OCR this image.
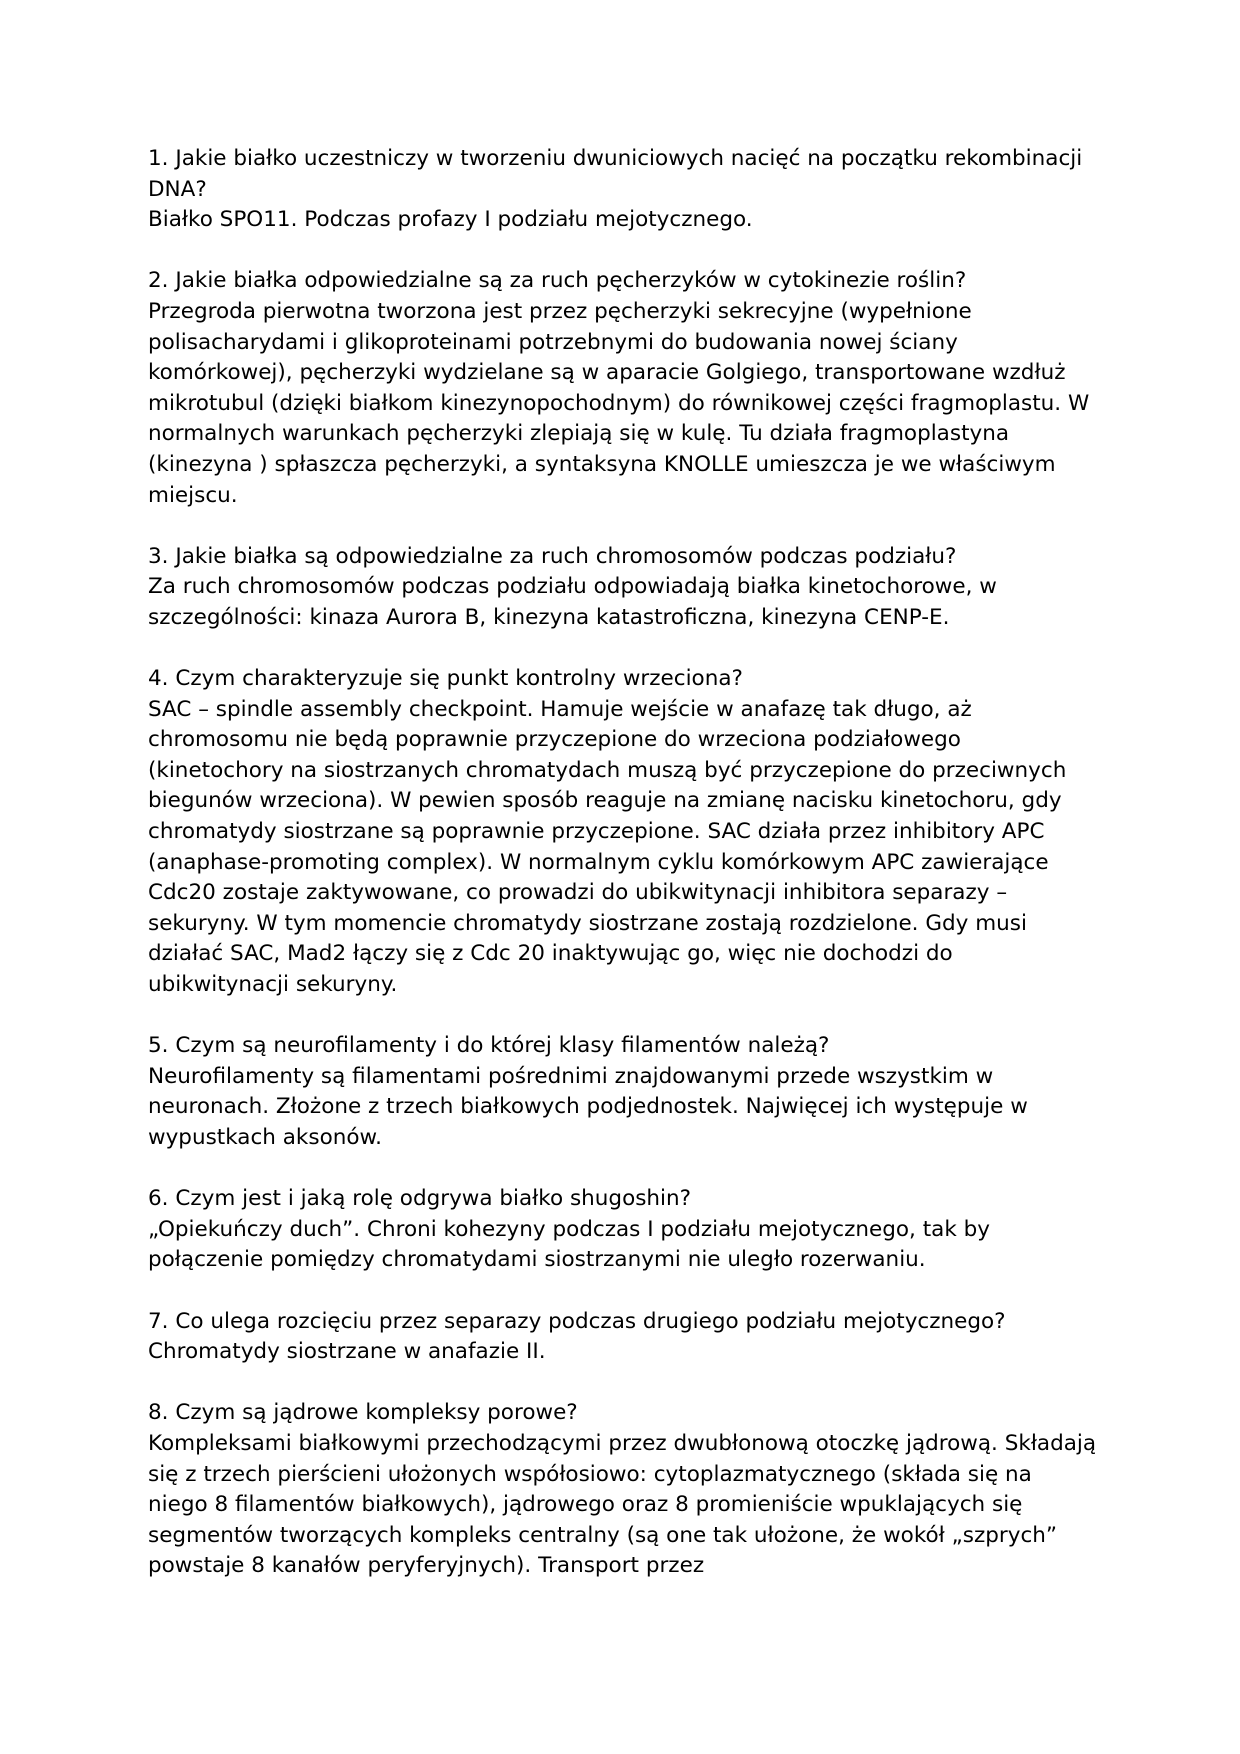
1. Jakie białko uczestniczy w tworzeniu dwuniciowych nacięć na początku rekombinacji DNA?

Białko SPO11. Podczas profazy I podziału mejotycznego.

2. Jakie białka odpowiedzialne są za ruch pęcherzyków w cytokinezie roślin?

Przegroda pierwotna tworzona jest przez pęcherzyki sekrecyjne (wypełnione polisacharydami i glikoproteinami potrzebnymi do budowania nowej ściany komórkowej), pęcherzyki wydzielane są w aparacie Golgiego, transportowane wzdłuż mikrotubul (dzięki białkom kinezynopochodnym) do równikowej części fragmoplastu. W normalnych warunkach pęcherzyki zlepiają się w kulę. Tu działa fragmoplastyna (kinezyna ) spłaszcza pęcherzyki, a syntaksyna KNOLLE umieszcza je we właściwym miejscu.

3. Jakie białka są odpowiedzialne za ruch chromosomów podczas podziału?

Za ruch chromosomów podczas podziału odpowiadają białka kinetochorowe, w szczególności: kinaza Aurora B, kinezyna katastroficzna, kinezyna CENP-E.

4. Czym charakteryzuje się punkt kontrolny wrzeciona?

SAC – spindle assembly checkpoint. Hamuje wejście w anafazę tak długo, aż chromosomu nie będą poprawnie przyczepione do wrzeciona podziałowego (kinetochory na siostrzanych chromatydach muszą być przyczepione do przeciwnych biegunów wrzeciona). W pewien sposób reaguje na zmianę nacisku kinetochoru, gdy chromatydy siostrzane są poprawnie przyczepione. SAC działa przez inhibitory APC (anaphase-promoting complex). W normalnym cyklu komórkowym APC zawierające Cdc20 zostaje zaktywowane, co prowadzi do ubikwitynacji inhibitora separazy – sekuryny. W tym momencie chromatydy siostrzane zostają rozdzielone. Gdy musi działać SAC, Mad2 łączy się z Cdc 20 inaktywując go, więc nie dochodzi do ubikwitynacji sekuryny.

5. Czym są neurofilamenty i do której klasy filamentów należą?

Neurofilamenty są filamentami pośrednimi znajdowanymi przede wszystkim w neuronach. Złożone z trzech białkowych podjednostek. Najwięcej ich występuje w wypustkach aksonów.

6. Czym jest i jaką rolę odgrywa białko shugoshin?

„Opiekuńczy duch”. Chroni kohezyny podczas I podziału mejotycznego, tak by połączenie pomiędzy chromatydami siostrzanymi nie uległo rozerwaniu.

7. Co ulega rozcięciu przez separazy podczas drugiego podziału mejotycznego?

Chromatydy siostrzane w anafazie II.

8. Czym są jądrowe kompleksy porowe?

Kompleksami białkowymi przechodzącymi przez dwubłonową otoczkę jądrową. Składają się z trzech pierścieni ułożonych współosiowo: cytoplazmatycznego (składa się na niego 8 filamentów białkowych), jądrowego oraz 8 promieniście wpuklających się segmentów tworzących kompleks centralny (są one tak ułożone, że wokół „szprych” powstaje 8 kanałów peryferyjnych). Transport przez
